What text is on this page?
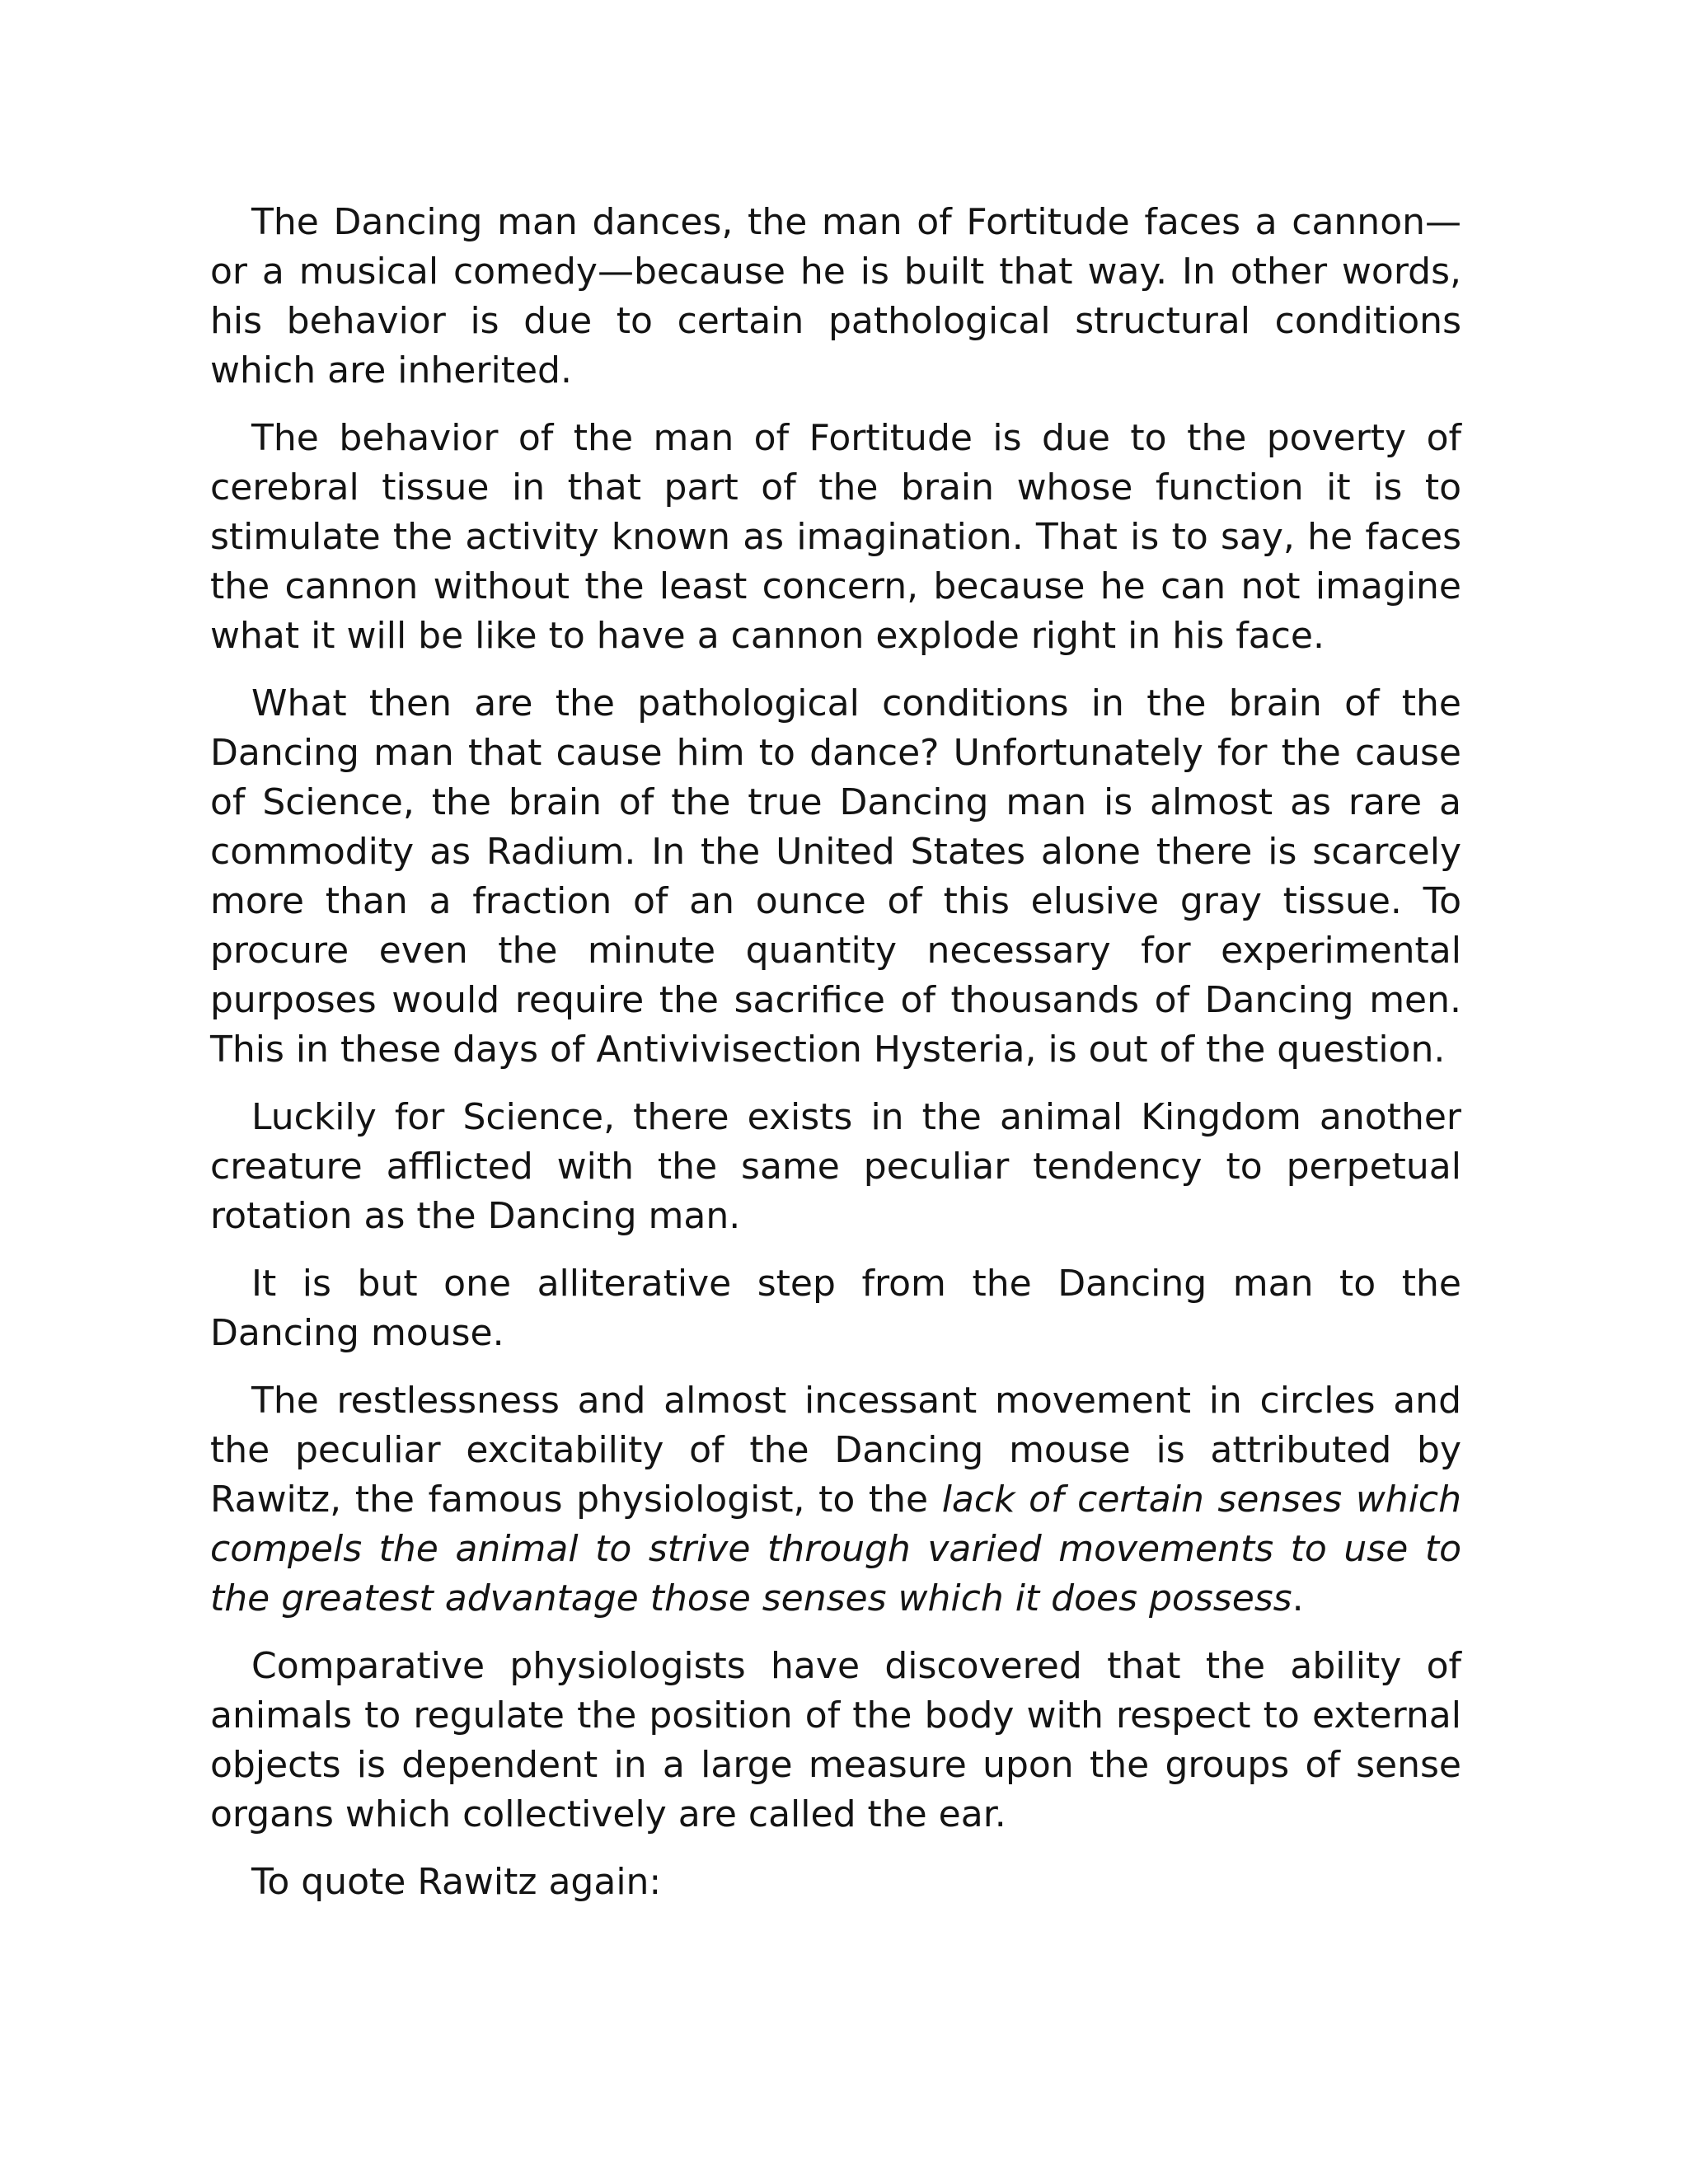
The Dancing man dances, the man of Fortitude faces a cannon—or a musical comedy—because he is built that way. In other words, his behavior is due to certain pathological structural conditions which are inherited.

The behavior of the man of Fortitude is due to the poverty of cerebral tissue in that part of the brain whose function it is to stimulate the activity known as imagination. That is to say, he faces the cannon without the least concern, because he can not imagine what it will be like to have a cannon explode right in his face.

What then are the pathological conditions in the brain of the Dancing man that cause him to dance? Unfortunately for the cause of Science, the brain of the true Dancing man is almost as rare a commodity as Radium. In the United States alone there is scarcely more than a fraction of an ounce of this elusive gray tissue. To procure even the minute quantity necessary for experimental purposes would require the sacrifice of thousands of Dancing men. This in these days of Antivivisection Hysteria, is out of the question.

Luckily for Science, there exists in the animal Kingdom another creature afflicted with the same peculiar tendency to perpetual rotation as the Dancing man.

It is but one alliterative step from the Dancing man to the Dancing mouse.

The restlessness and almost incessant movement in circles and the peculiar excitability of the Dancing mouse is attributed by Rawitz, the famous physiologist, to the lack of certain senses which compels the animal to strive through varied movements to use to the greatest advantage those senses which it does possess.

Comparative physiologists have discovered that the ability of animals to regulate the position of the body with respect to external objects is dependent in a large measure upon the groups of sense organs which collectively are called the ear.

To quote Rawitz again:
